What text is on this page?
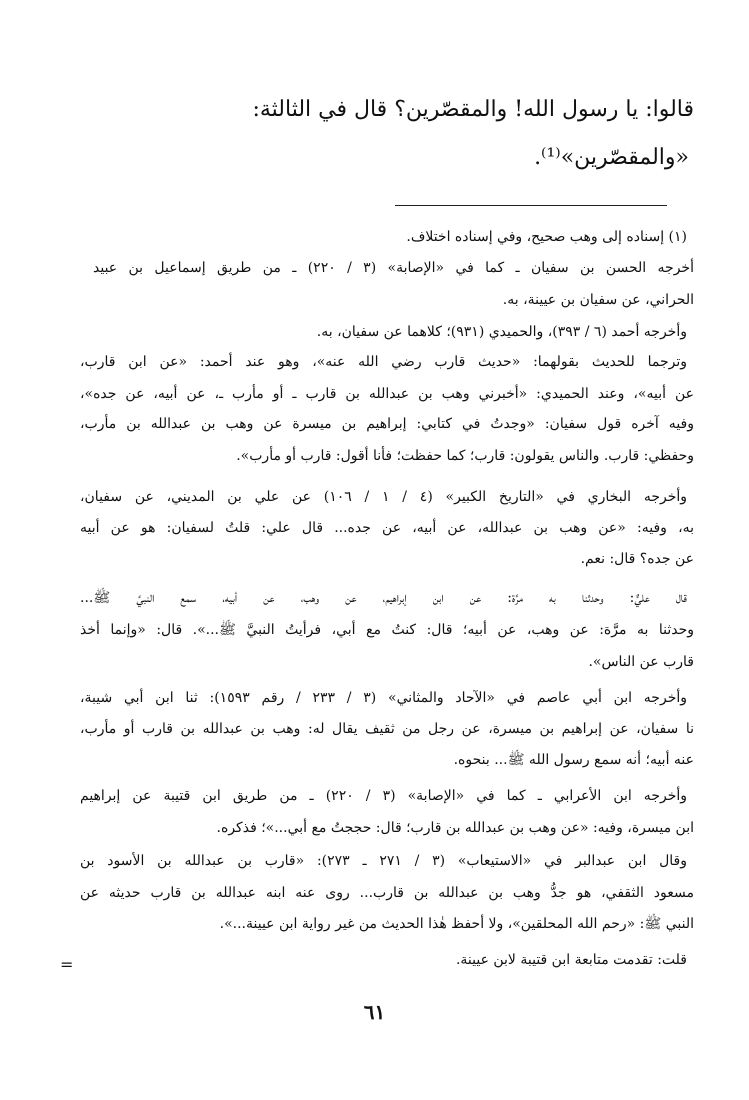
قالوا: يا رسول الله! والمقصّرين؟ قال في الثالثة:
«والمقصّرين»⁽¹⁾.
(١) إسناده إلى وهب صحيح، وفي إسناده اختلاف.
أخرجه الحسن بن سفيان ـ كما في «الإصابة» (٣ / ٢٢٠) ـ من طريق إسماعيل بن عبيد
الحراني، عن سفيان بن عيينة، به.
وأخرجه أحمد (٦ / ٣٩٣)، والحميدي (٩٣١)؛ كلاهما عن سفيان، به.
وترجما للحديث بقولهما: «حديث قارب رضي الله عنه»، وهو عند أحمد: «عن ابن قارب،
عن أبيه»، وعند الحميدي: «أخبرني وهب بن عبدالله بن قارب ـ أو مأرب ـ، عن أبيه، عن جده»،
وفيه آخره قول سفيان: «وجدتُ في كتابي: إبراهيم بن ميسرة عن وهب بن عبدالله بن مأرب،
وحفظي: قارب. والناس يقولون: قارب؛ كما حفظت؛ فأنا أقول: قارب أو مأرب».
وأخرجه البخاري في «التاريخ الكبير» (٤ / ١ / ١٠٦) عن علي بن المديني، عن سفيان،
به، وفيه: «عن وهب بن عبدالله، عن أبيه، عن جده... قال علي: قلتُ لسفيان: هو عن أبيه
عن جده؟ قال: نعم.
قال عليٌّ: وحدثنا به مرَّة: عن ابن إبراهيم، عن وهب، عن أبيه، سمع النبيَّ ﷺ...
وحدثنا به مرَّة: عن وهب، عن أبيه؛ قال: كنتُ مع أبي، فرأيتُ النبيَّ ﷺ...». قال: «وإنما أخذ
قارب عن الناس».
وأخرجه ابن أبي عاصم في «الآحاد والمثاني» (٣ / ٢٣٣ / رقم ١٥٩٣): ثنا ابن أبي شيبة،
نا سفيان، عن إبراهيم بن ميسرة، عن رجل من ثقيف يقال له: وهب بن عبدالله بن قارب أو مأرب،
عنه أبيه؛ أنه سمع رسول الله ﷺ... بنحوه.
وأخرجه ابن الأعرابي ـ كما في «الإصابة» (٣ / ٢٢٠) ـ من طريق ابن قتيبة عن إبراهيم
ابن ميسرة، وفيه: «عن وهب بن عبدالله بن قارب؛ قال: حججتُ مع أبي...»؛ فذكره.
وقال ابن عبدالبر في «الاستيعاب» (٣ / ٢٧١ ـ ٢٧٣): «قارب بن عبدالله بن الأسود بن
مسعود الثقفي، هو جدُّ وهب بن عبدالله بن قارب... روى عنه ابنه عبدالله بن قارب حديثه عن
النبي ﷺ: «رحم الله المحلقين»، ولا أحفظ هٰذا الحديث من غير رواية ابن عيينة...».
قلت: تقدمت متابعة ابن قتيبة لابن عيينة.
=
٦١
